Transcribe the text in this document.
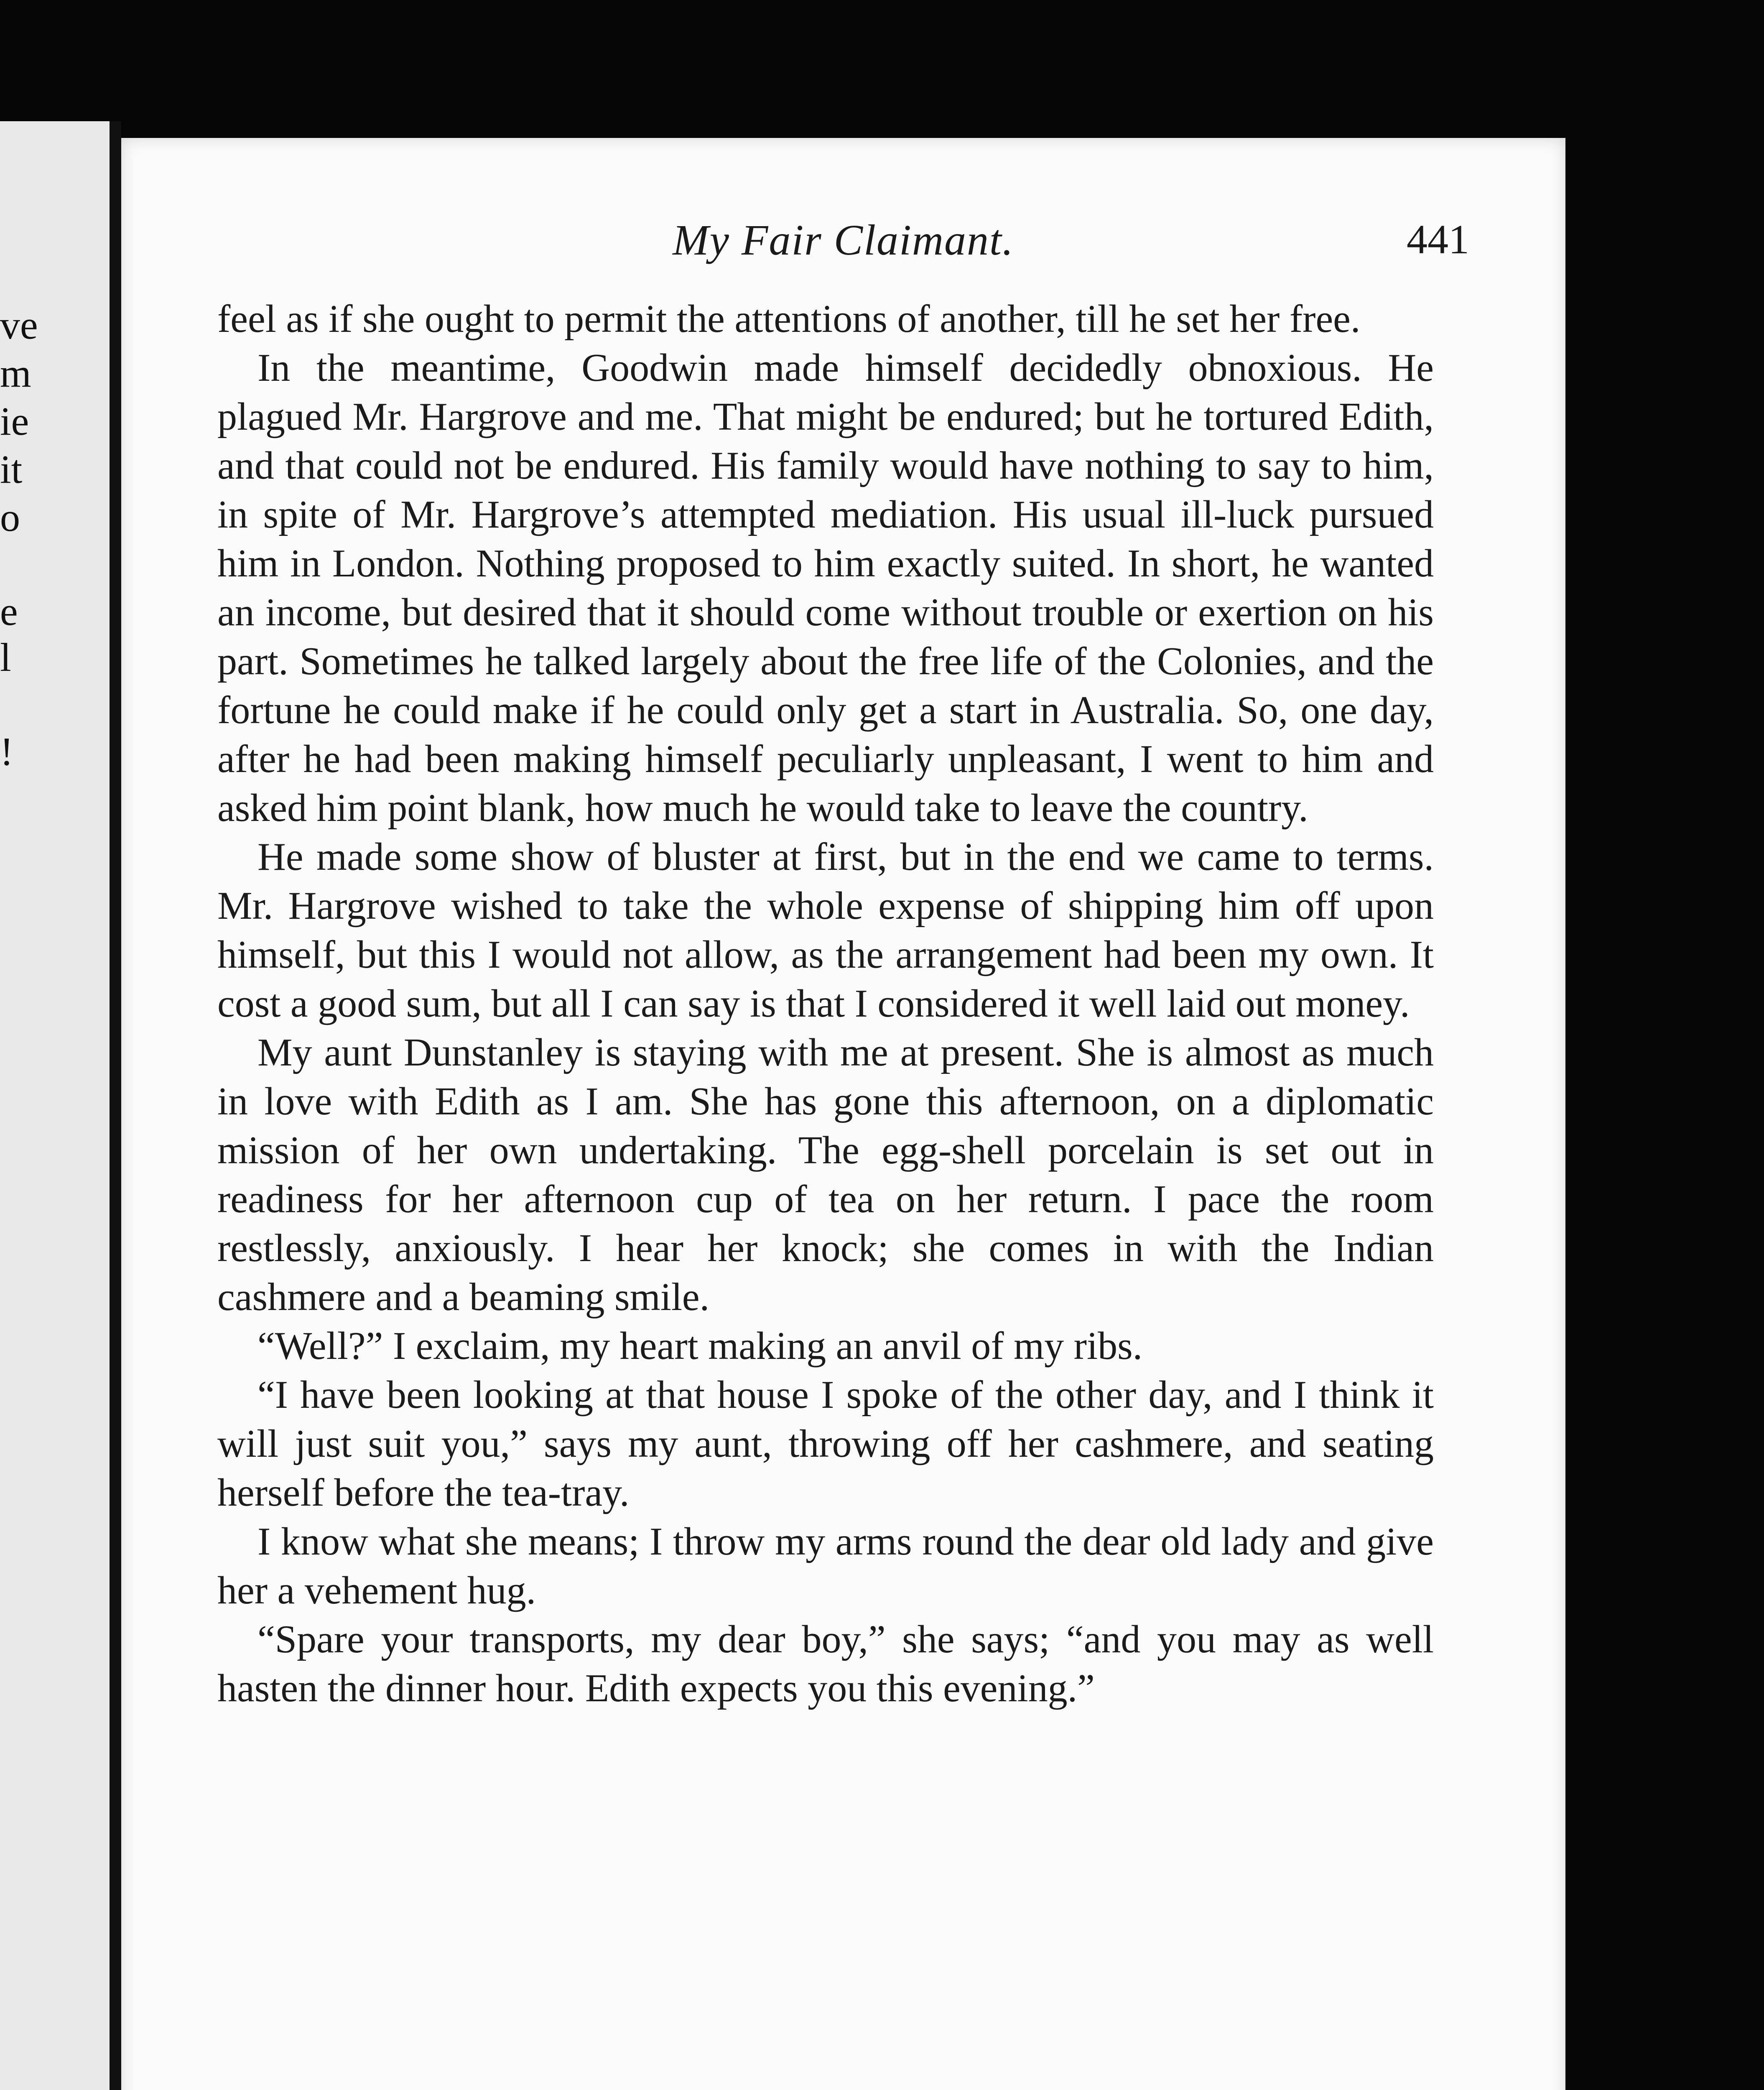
ve
m
ie
it
o
e
l
!
My Fair Claimant.	441

feel as if she ought to permit the attentions of another, till he set her free.

In the meantime, Goodwin made himself decidedly obnoxious. He plagued Mr. Hargrove and me. That might be endured; but he tortured Edith, and that could not be endured. His family would have nothing to say to him, in spite of Mr. Hargrove’s attempted mediation. His usual ill-luck pursued him in London. Nothing proposed to him exactly suited. In short, he wanted an income, but desired that it should come without trouble or exertion on his part. Sometimes he talked largely about the free life of the Colonies, and the fortune he could make if he could only get a start in Australia. So, one day, after he had been making himself peculiarly unpleasant, I went to him and asked him point blank, how much he would take to leave the country.

He made some show of bluster at first, but in the end we came to terms. Mr. Hargrove wished to take the whole expense of shipping him off upon himself, but this I would not allow, as the arrangement had been my own. It cost a good sum, but all I can say is that I considered it well laid out money.

My aunt Dunstanley is staying with me at present. She is almost as much in love with Edith as I am. She has gone this afternoon, on a diplomatic mission of her own undertaking. The egg-shell porcelain is set out in readiness for her afternoon cup of tea on her return. I pace the room restlessly, anxiously. I hear her knock; she comes in with the Indian cashmere and a beaming smile.

“Well?” I exclaim, my heart making an anvil of my ribs.

“I have been looking at that house I spoke of the other day, and I think it will just suit you,” says my aunt, throwing off her cashmere, and seating herself before the tea-tray.

I know what she means; I throw my arms round the dear old lady and give her a vehement hug.

“Spare your transports, my dear boy,” she says; “and you may as well hasten the dinner hour. Edith expects you this evening.”
